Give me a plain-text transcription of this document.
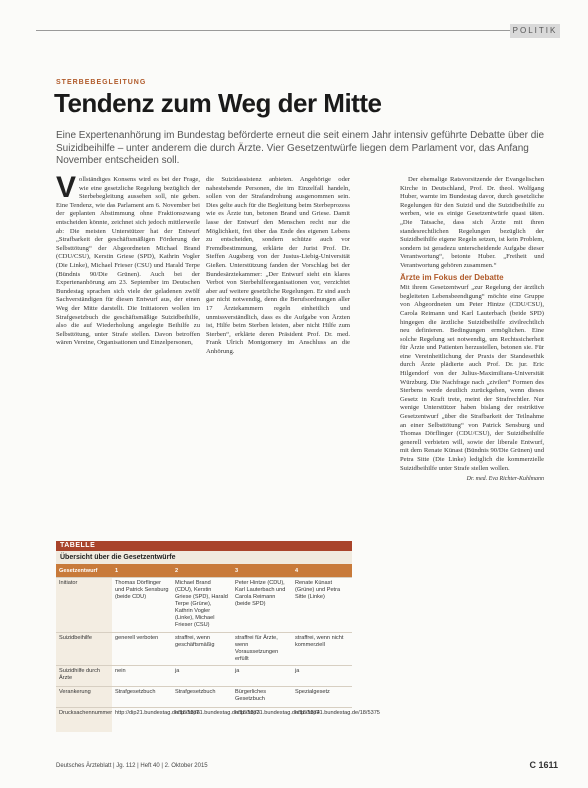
POLITIK
STERBEBEGLEITUNG
Tendenz zum Weg der Mitte
Eine Expertenanhörung im Bundestag beförderte erneut die seit einem Jahr intensiv geführte Debatte über die Suizidbeihilfe – unter anderem die durch Ärzte. Vier Gesetzentwürfe liegen dem Parlament vor, das Anfang November entscheiden soll.
Vollständiges Konsens wird es bei der Frage, wie eine gesetzliche Regelung bezüglich der Sterbebegleitung aussehen soll, nie geben. Eine Tendenz, wie das Parlament am 6. November bei der geplanten Abstimmung ohne Fraktionszwang entscheiden könnte, zeichnet sich jedoch mittlerweile ab: Die meisten Unterstützer hat der Entwurf „Strafbarkeit der geschäftsmäßigen Förderung der Selbsttötung“ der Abgeordneten Michael Brand (CDU/CSU), Kerstin Griese (SPD), Kathrin Vogler (Die Linke), Michael Frieser (CSU) und Harald Terpe (Bündnis 90/Die Grünen). Auch bei der Expertenanhörung am 23. September im Deutschen Bundestag sprachen sich viele der geladenen zwölf Sachverständigen für diesen Entwurf aus, der einen Weg der Mitte darstellt. Die Initiatoren wollen im Strafgesetzbuch die geschäftsmäßige Suizidbeihilfe, also die auf Wiederholung angelegte Beihilfe zu Selbsttötung, unter Strafe stellen. Davon betroffen wären Vereine, Organisationen und Einzelpersonen,
die Suizidassistenz anbieten. Angehörige oder nahestehende Personen, die im Einzelfall handeln, sollen von der Strafandrohung ausgenommen sein. Dies gelte auch für die Begleitung beim Sterbeprozess wie es Ärzte tun, betonen Brand und Griese. Damit lasse der Entwurf den Menschen recht nur die Möglichkeit, frei über das Ende des eigenen Lebens zu entscheiden, sondern schütze auch vor Fremdbestimmung, erklärte der Jurist Prof. Dr. Steffen Augsberg von der Justus-Liebig-Universität Gießen. Unterstützung fanden der Vorschlag bei der Bundesärztekammer: „Der Entwurf sieht ein klares Verbot von Sterbehilfeorganisationen vor, verzichtet aber auf weitere gesetzliche Regelungen. Er sind auch gar nicht notwendig, denn die Berufsordnungen aller 17 Ärztekammern regeln einheitlich und unmissverständlich, dass es die Aufgabe von Ärzten ist, Hilfe beim Sterben leisten, aber nicht Hilfe zum Sterben“, erklärte deren Präsident Prof. Dr. med. Frank Ulrich Montgomery im Anschluss an die Anhörung.
Der ehemalige Ratsvorsitzende der Evangelischen Kirche in Deutschland, Prof. Dr. theol. Wolfgang Huber, warnte im Bundestag davor, durch gesetzliche Regelungen für den Suizid und die Suizidbeihilfe zu werben, wie es einige Gesetzentwürfe quasi täten. „Die Tatsache, dass sich Ärzte mit ihren standesrechtlichen Regelungen bezüglich der Suizidbeihilfe eigene Regeln setzen, ist kein Problem, sondern ist geradezu unterscheidende Aufgabe dieser Verantwortung“, betonte Huber. „Freiheit und Verantwortung gehören zusammen.“
Ärzte im Fokus der Debatte
Mit ihrem Gesetzentwurf „zur Regelung der ärztlich begleiteten Lebensbeendigung“ möchte eine Gruppe von Abgeordneten um Peter Hintze (CDU/CSU), Carola Reimann und Karl Lauterbach (beide SPD) hingegen die ärztliche Suizidbeihilfe zivilrechtlich neu definieren. Bedingungen ermöglichen. Eine solche Regelung sei notwendig, um Rechtssicherheit für Ärzte und Patienten herzustellen, betonen sie. Für eine Vereinheitlichung der Praxis der Standesethik durch Ärzte plädierte auch Prof. Dr. jur. Eric Hilgendorf von der Julius-Maximilians-Universität Würzburg. Die Nachfrage nach „zivilen“ Formen des Sterbens werde deutlich zurückgehen, wenn dieses Gesetz in Kraft trete, meint der Strafrechtler. Nur wenige Unterstützer haben bislang der restriktive Gesetzentwurf „über die Strafbarkeit der Teilnahme an einer Selbsttötung“ von Patrick Sensburg und Thomas Dörflinger (CDU/CSU), der Suizidbeihilfe generell verbieten will, sowie der liberale Entwurf, mit dem Renate Künast (Bündnis 90/Die Grünen) und Petra Sitte (Die Linke) lediglich die kommerzielle Suizidbeihilfe unter Strafe stellen wollen.
Dr. med. Eva Richter-Kuhlmann
TABELLE
Übersicht über die Gesetzentwürfe
Gesetzentwurf	1	2	3	4
Initiator	Thomas Dörflinger und Patrick Sensburg (beide CDU)	Michael Brand (CDU), Kerstin Griese (SPD), Harald Terpe (Grüne), Kathrin Vogler (Linke), Michael Frieser (CSU)	Peter Hintze (CDU), Karl Lauterbach und Carola Reimann (beide SPD)	Renate Künast (Grüne) und Petra Sitte (Linke)
Suizidbeihilfe	generell verboten	straffrei, wenn geschäftsmäßig	straffrei für Ärzte, wenn Voraussetzungen erfüllt	straffrei, wenn nicht kommerziell
Suizidhilfe durch Ärzte	nein	ja	ja	ja
Verankerung	Strafgesetzbuch	Strafgesetzbuch	Bürgerliches Gesetzbuch	Spezialgesetz
Drucksachennummer	http://dip21.bundestag.de/18/5376	http://dip21.bundestag.de/18/5373	http://dip21.bundestag.de/18/5374	http://dip21.bundestag.de/18/5375
Deutsches Ärzteblatt | Jg. 112 | Heft 40 | 2. Oktober 2015	C 1611
